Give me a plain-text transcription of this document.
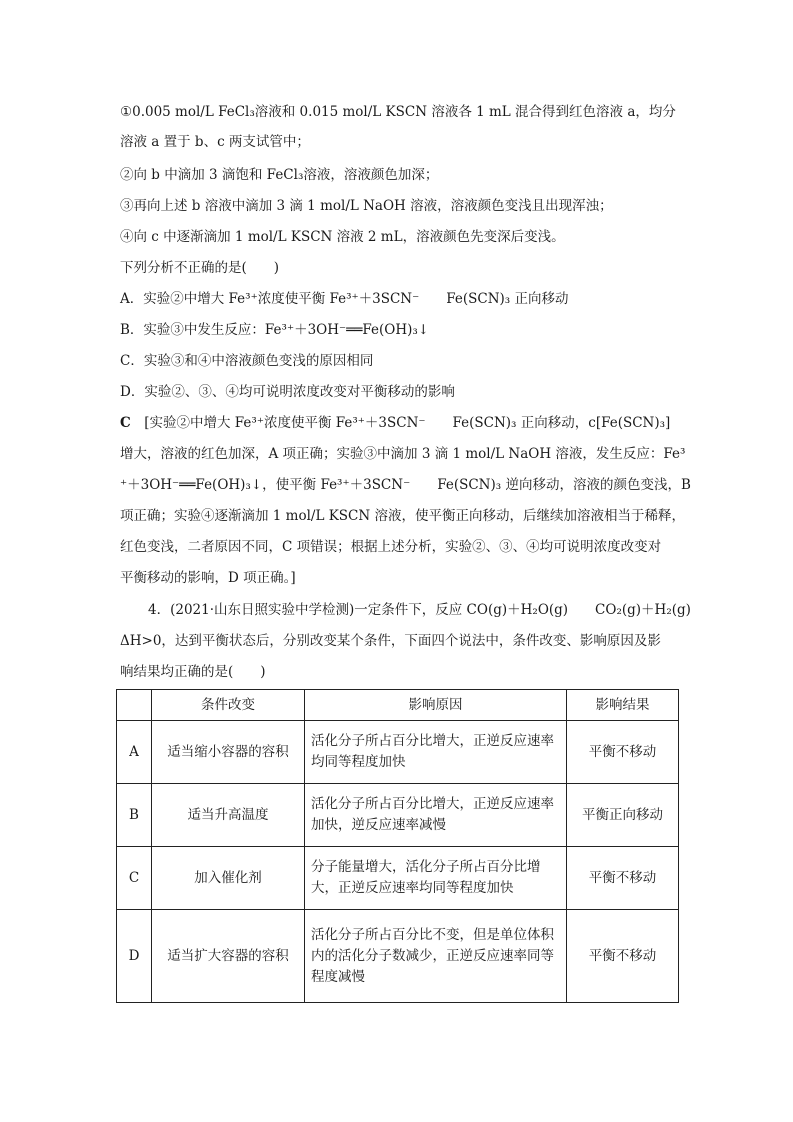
①0.005 mol/L FeCl₃溶液和 0.015 mol/L KSCN 溶液各 1 mL 混合得到红色溶液 a，均分
溶液 a 置于 b、c 两支试管中；
②向 b 中滴加 3 滴饱和 FeCl₃溶液，溶液颜色加深；
③再向上述 b 溶液中滴加 3 滴 1 mol/L NaOH 溶液，溶液颜色变浅且出现浑浊；
④向 c 中逐渐滴加 1 mol/L KSCN 溶液 2 mL，溶液颜色先变深后变浅。
下列分析不正确的是(　　)
A．实验②中增大 Fe³⁺浓度使平衡 Fe³⁺＋3SCN⁻　　Fe(SCN)₃ 正向移动
B．实验③中发生反应：Fe³⁺＋3OH⁻══Fe(OH)₃↓
C．实验③和④中溶液颜色变浅的原因相同
D．实验②、③、④均可说明浓度改变对平衡移动的影响
C　 [实验②中增大 Fe³⁺浓度使平衡 Fe³⁺＋3SCN⁻　　Fe(SCN)₃ 正向移动，c[Fe(SCN)₃]
增大，溶液的红色加深，A 项正确；实验③中滴加 3 滴 1 mol/L NaOH 溶液，发生反应：Fe³
⁺＋3OH⁻══Fe(OH)₃↓，使平衡 Fe³⁺＋3SCN⁻　　Fe(SCN)₃ 逆向移动，溶液的颜色变浅，B
项正确；实验④逐渐滴加 1 mol/L KSCN 溶液，使平衡正向移动，后继续加溶液相当于稀释，
红色变浅，二者原因不同，C 项错误；根据上述分析，实验②、③、④均可说明浓度改变对
平衡移动的影响，D 项正确。]
4．(2021·山东日照实验中学检测)一定条件下，反应 CO(g)＋H₂O(g)　　CO₂(g)＋H₂(g)
ΔH>0，达到平衡状态后，分别改变某个条件，下面四个说法中，条件改变、影响原因及影
响结果均正确的是(　　)
	条件改变	影响原因	影响结果
A	适当缩小容器的容积	活化分子所占百分比增大，正逆反应速率
均同等程度加快	平衡不移动
B	适当升高温度	活化分子所占百分比增大，正逆反应速率
加快，逆反应速率减慢	平衡正向移动
C	加入催化剂	分子能量增大，活化分子所占百分比增
大，正逆反应速率均同等程度加快	平衡不移动
D	适当扩大容器的容积	活化分子所占百分比不变，但是单位体积
内的活化分子数减少，正逆反应速率同等
程度减慢	平衡不移动
